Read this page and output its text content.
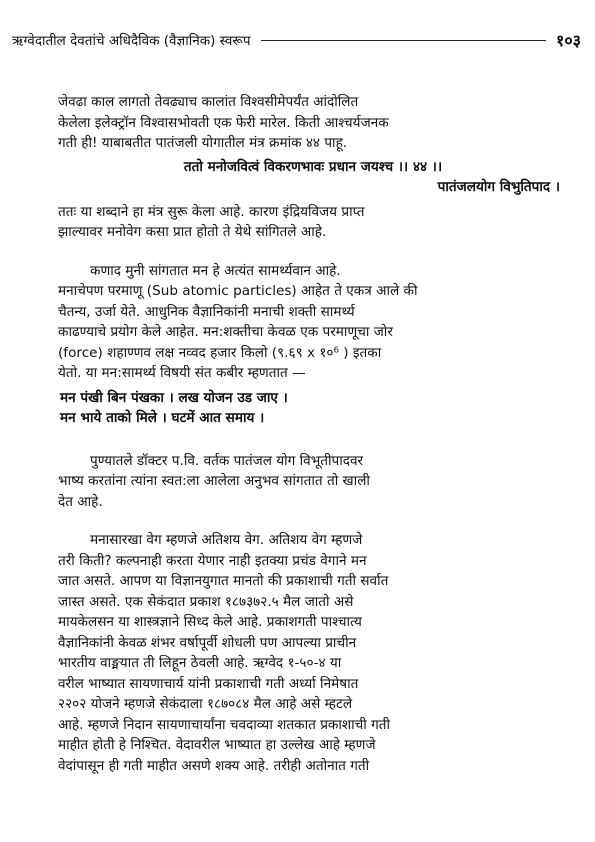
ऋग्वेदातील देवतांचे अधिदैविक (वैज्ञानिक) स्वरूप	१०३

जेवढा काल लागतो तेवढ्याच कालांत विश्वसीमेपर्यंत आंदोलित

केलेला इलेक्ट्रॉन विश्वासभोवती एक फेरी मारेल. किती आश्चर्यजनक

गती ही! याबाबतीत पातंजली योगातील मंत्र क्रमांक ४४ पाहू.

ततो मनोजवित्वं विकरणभावः प्रधान जयश्च ।। ४४ ।।

पातंजलयोग विभुतिपाद ।

ततः या शब्दाने हा मंत्र सुरू केला आहे. कारण इंद्रियविजय प्राप्त

झाल्यावर मनोवेग कसा प्रात होतो ते येथे सांगितले आहे.

कणाद मुनी सांगतात मन हे अत्यंत सामर्थ्यवान आहे.

मनाचेपण परमाणू (Sub atomic particles) आहेत ते एकत्र आले की

चैतन्य, उर्जा येते. आधुनिक वैज्ञानिकांनी मनाची शक्ती सामर्थ्य

काढण्याचे प्रयोग केले आहेत. मन:शक्तीचा केवळ एक परमाणूचा जोर

(force) शहाण्णव लक्ष नव्वद हजार किलो (९.६९ x १०⁶ ) इतका

येतो. या मन:सामर्थ्य विषयी संत कबीर म्हणतात —

मन पंखी बिन पंखका । लख योजन उड जाए ।

मन भाये ताको मिले । घटमें आत समाय ।

पुण्यातले डॉक्टर प.वि. वर्तक पातंजल योग विभूतीपादवर

भाष्य करतांना त्यांना स्वत:ला आलेला अनुभव सांगतात तो खाली

देत आहे.

मनासारखा वेग म्हणजे अतिशय वेग. अतिशय वेग म्हणजे

तरी किती? कल्पनाही करता येणार नाही इतक्या प्रचंड वेगाने मन

जात असते. आपण या विज्ञानयुगात मानतो की प्रकाशाची गती सर्वात

जास्त असते. एक सेकंदात प्रकाश १८७३७२.५ मैल जातो असे

मायकेलसन या शास्त्रज्ञाने सिध्द केले आहे. प्रकाशगती पाश्चात्य

वैज्ञानिकांनी केवळ शंभर वर्षापूर्वी शोधली पण आपल्या प्राचीन

भारतीय वाङ्मयात ती लिहून ठेवली आहे. ऋग्वेद १-५०-४ या

वरील भाष्यात सायणाचार्य यांनी प्रकाशाची गती अर्ध्या निमेषात

२२०२ योजने म्हणजे सेकंदाला १८७०८४ मैल आहे असे म्हटले

आहे. म्हणजे निदान सायणाचार्यांना चवदाव्या शतकात प्रकाशाची गती

माहीत होती हे निश्चित. वेदावरील भाष्यात हा उल्लेख आहे म्हणजे

वेदांपासून ही गती माहीत असणे शक्य आहे. तरीही अतोनात गती
